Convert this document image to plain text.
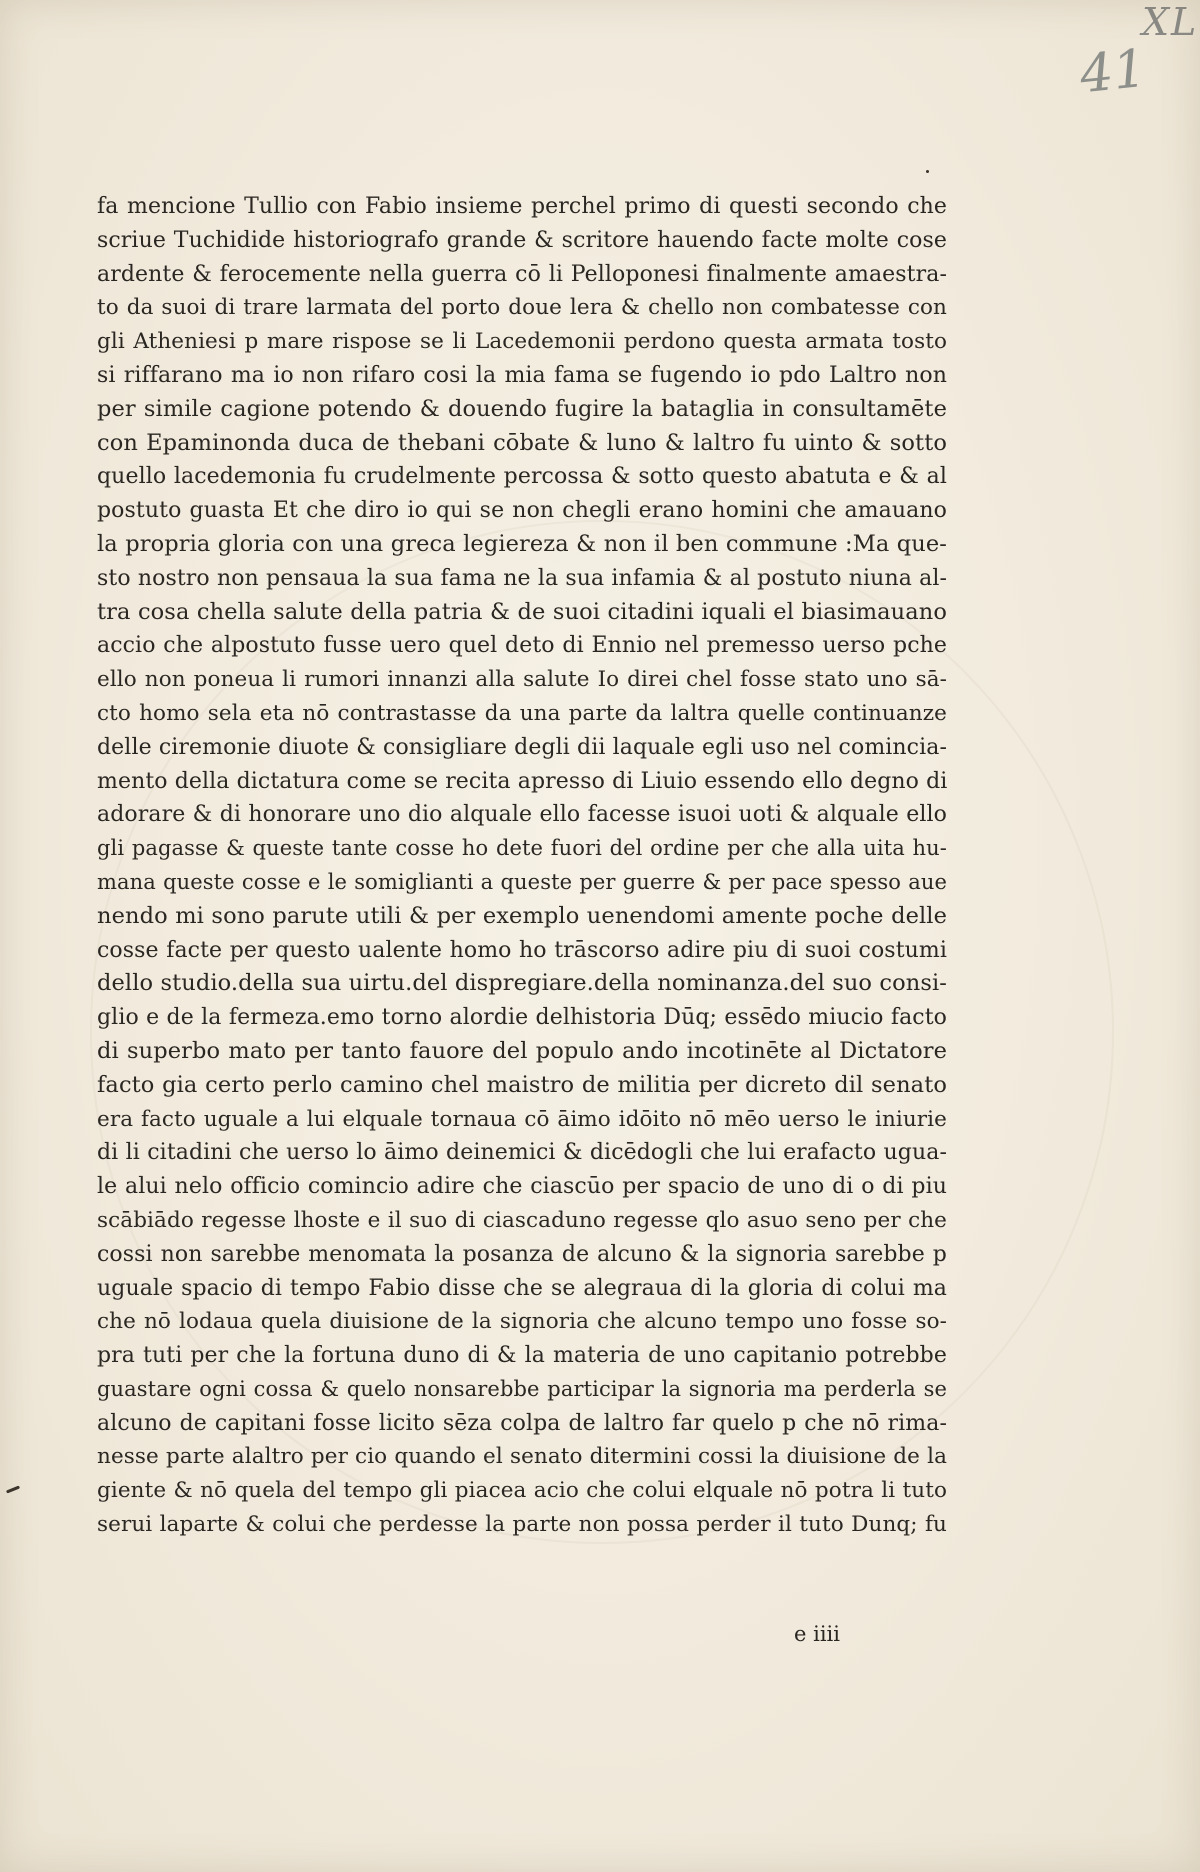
XL
41
fa mencione Tullio con Fabio insieme perchel primo di questi secondo che
scriue Tuchidide historiografo grande & scritore hauendo facte molte cose
ardente & ferocemente nella guerra cō li Pelloponesi finalmente amaestra-
to da suoi di trare larmata del porto doue lera & chello non combatesse con
gli Atheniesi p mare rispose se li Lacedemonii perdono questa armata tosto
si riffarano ma io non rifaro cosi la mia fama se fugendo io pdo Laltro non
per simile cagione potendo & douendo fugire la bataglia in consultamēte
con Epaminonda duca de thebani cōbate & luno & laltro fu uinto & sotto
quello lacedemonia fu crudelmente percossa & sotto questo abatuta e & al
postuto guasta Et che diro io qui se non chegli erano homini che amauano
la propria gloria con una greca legiereza & non il ben commune :Ma que-
sto nostro non pensaua la sua fama ne la sua infamia & al postuto niuna al-
tra cosa chella salute della patria & de suoi citadini iquali el biasimauano
accio che alpostuto fusse uero quel deto di Ennio nel premesso uerso pche
ello non poneua li rumori innanzi alla salute Io direi chel fosse stato uno sā-
cto homo sela eta nō contrastasse da una parte da laltra quelle continuanze
delle ciremonie diuote & consigliare degli dii laquale egli uso nel comincia-
mento della dictatura come se recita apresso di Liuio essendo ello degno di
adorare & di honorare uno dio alquale ello facesse isuoi uoti & alquale ello
gli pagasse & queste tante cosse ho dete fuori del ordine per che alla uita hu-
mana queste cosse e le somiglianti a queste per guerre & per pace spesso aue
nendo mi sono parute utili & per exemplo uenendomi amente poche delle
cosse facte per questo ualente homo ho trāscorso adire piu di suoi costumi
dello studio.della sua uirtu.del dispregiare.della nominanza.del suo consi-
glio e de la fermeza.emo torno alordie delhistoria Dūq; essēdo miucio facto
di superbo mato per tanto fauore del populo ando incotinēte al Dictatore
facto gia certo perlo camino chel maistro de militia per dicreto dil senato
era facto uguale a lui elquale tornaua cō āimo idōito nō mēo uerso le iniurie
di li citadini che uerso lo āimo deinemici & dicēdogli che lui erafacto ugua-
le alui nelo officio comincio adire che ciascūo per spacio de uno di o di piu
scābiādo regesse lhoste e il suo di ciascaduno regesse qlo asuo seno per che
cossi non sarebbe menomata la posanza de alcuno & la signoria sarebbe p
uguale spacio di tempo Fabio disse che se alegraua di la gloria di colui ma
che nō lodaua quela diuisione de la signoria che alcuno tempo uno fosse so-
pra tuti per che la fortuna duno di & la materia de uno capitanio potrebbe
guastare ogni cossa & quelo nonsarebbe participar la signoria ma perderla se
alcuno de capitani fosse licito sēza colpa de laltro far quelo p che nō rima-
nesse parte alaltro per cio quando el senato ditermini cossi la diuisione de la
giente & nō quela del tempo gli piacea acio che colui elquale nō potra li tuto
serui laparte & colui che perdesse la parte non possa perder il tuto Dunq; fu
e iiii
